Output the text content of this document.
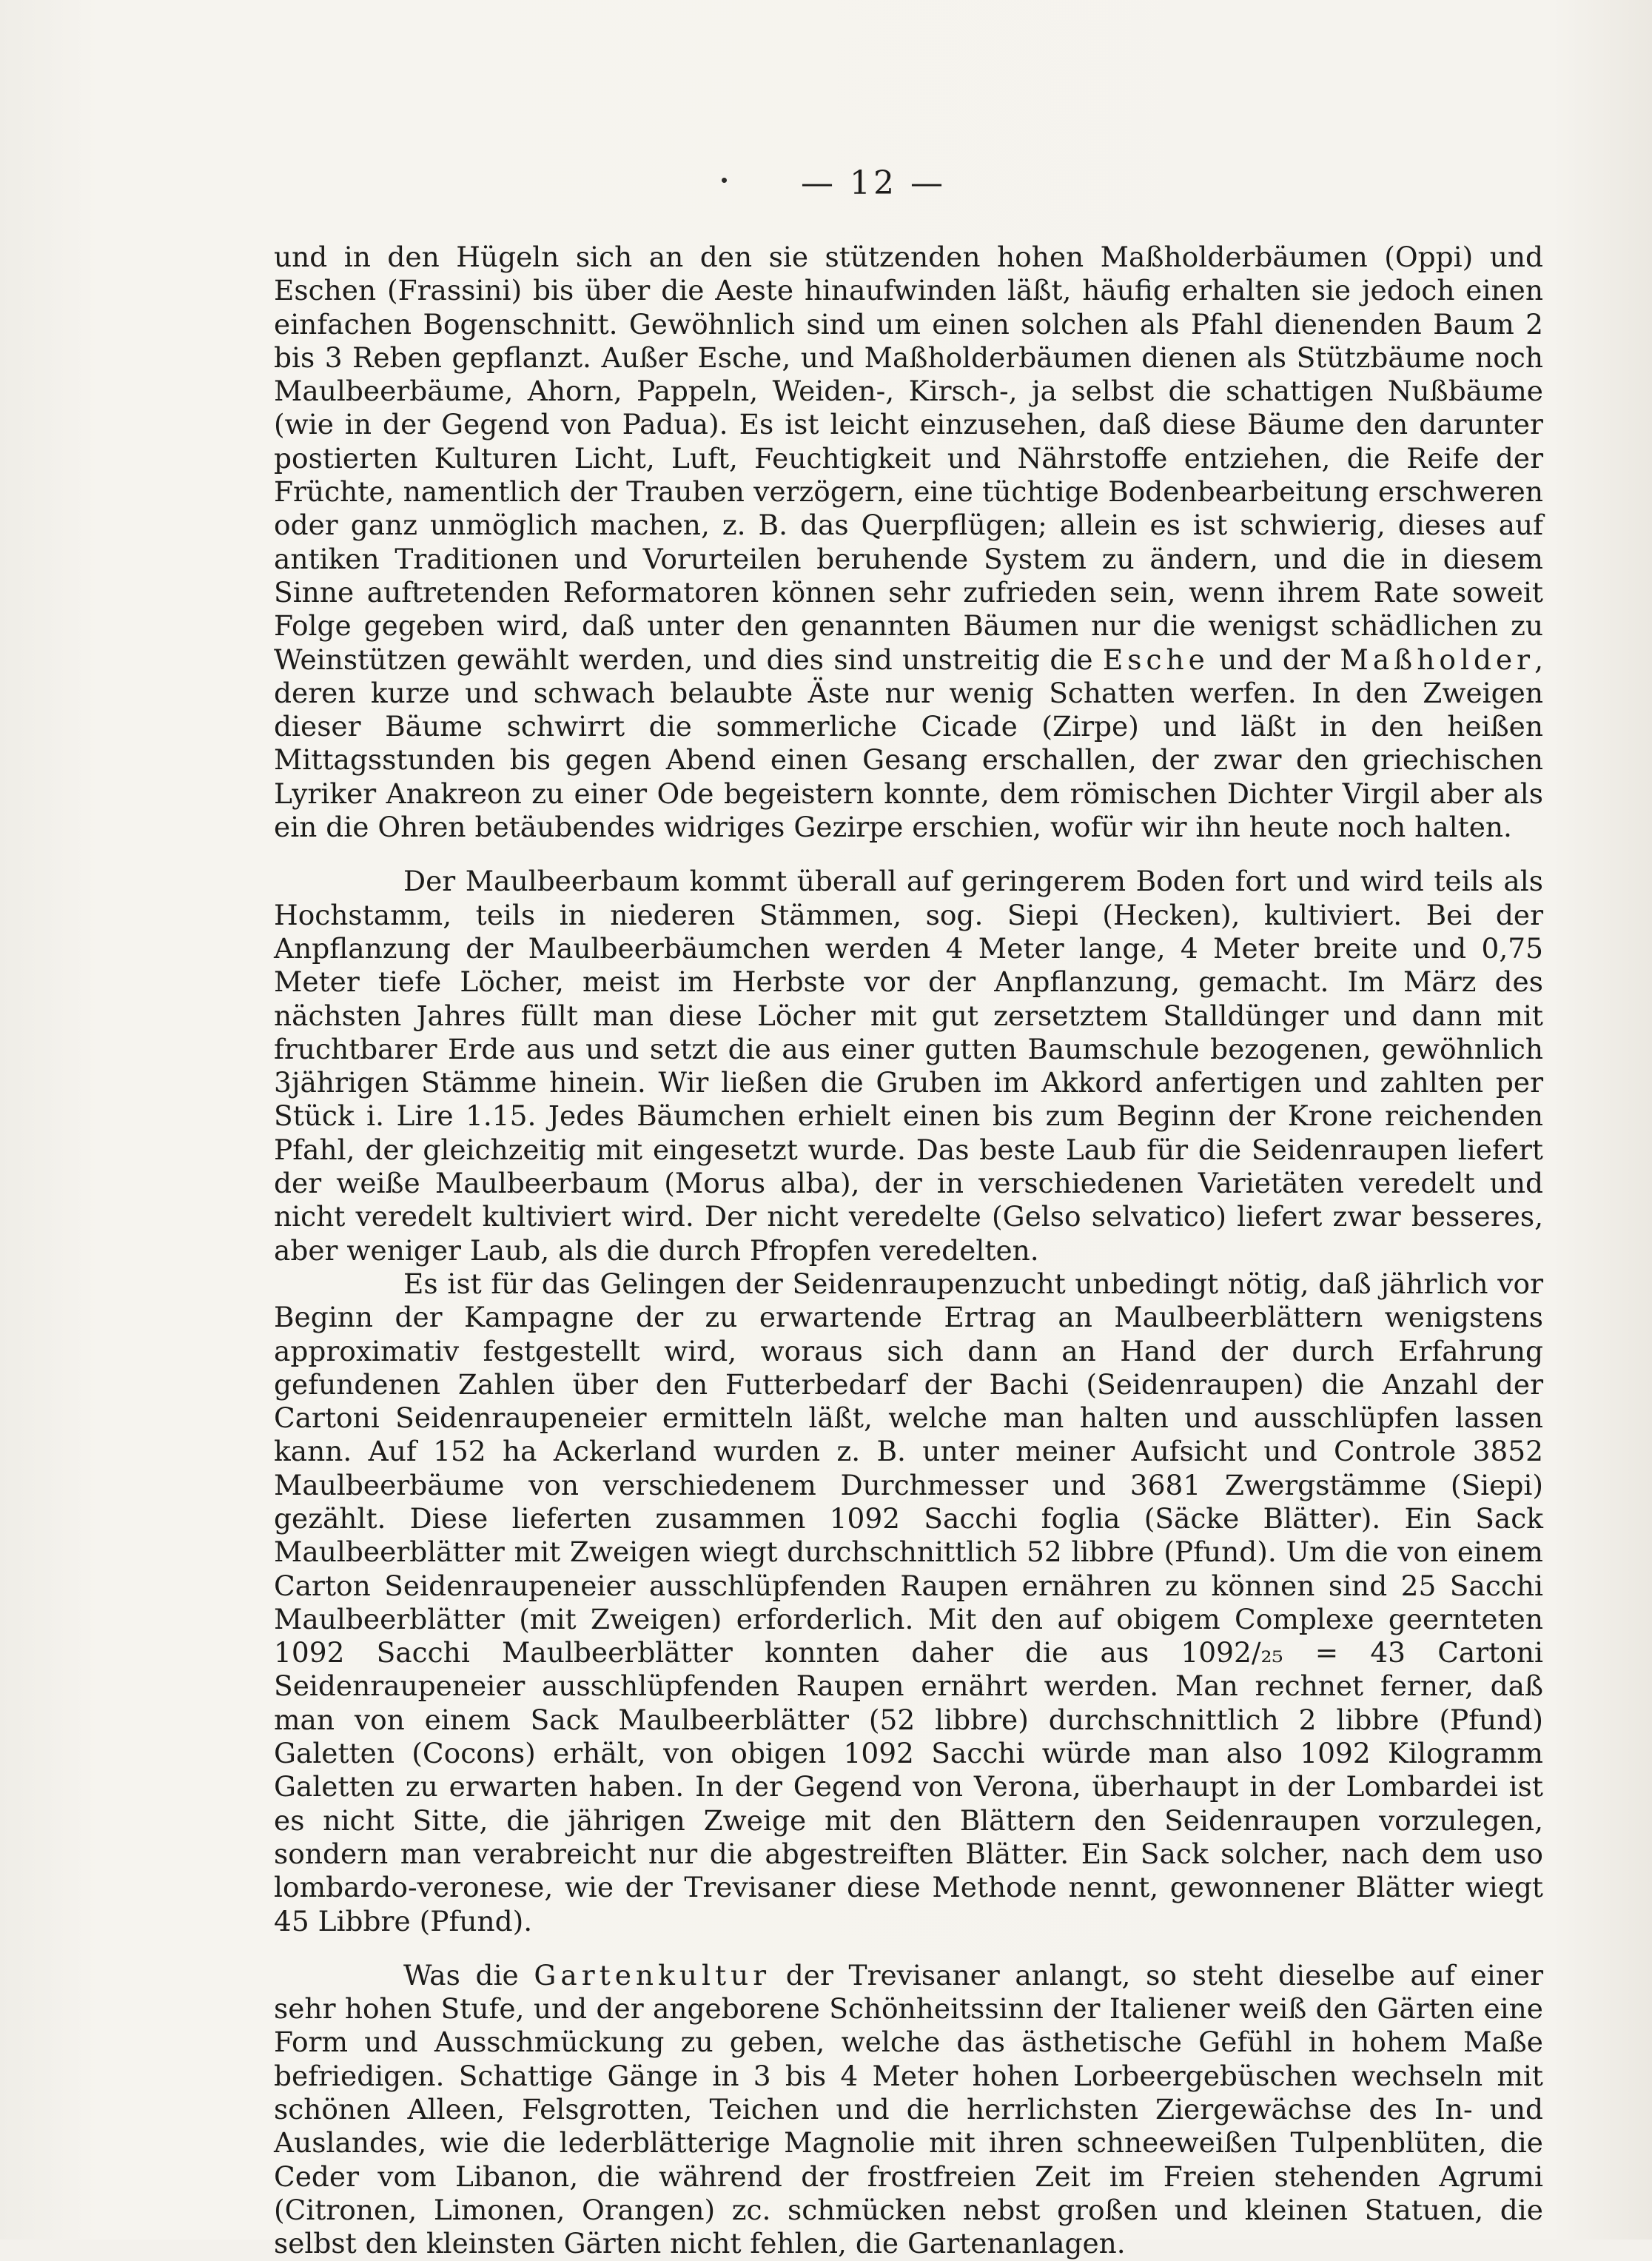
— 12 —

und in den Hügeln sich an den sie stützenden hohen Maßholderbäumen (Oppi) und Eschen (Frassini) bis über die Aeste hinaufwinden läßt, häufig erhalten sie jedoch einen einfachen Bogenschnitt. Gewöhnlich sind um einen solchen als Pfahl dienenden Baum 2 bis 3 Reben gepflanzt. Außer Esche, und Maßholderbäumen dienen als Stützbäume noch Maulbeerbäume, Ahorn, Pappeln, Weiden-, Kirsch-, ja selbst die schattigen Nußbäume (wie in der Gegend von Padua). Es ist leicht einzusehen, daß diese Bäume den darunter postierten Kulturen Licht, Luft, Feuchtigkeit und Nährstoffe entziehen, die Reife der Früchte, namentlich der Trauben verzögern, eine tüchtige Bodenbearbeitung erschweren oder ganz unmöglich machen, z. B. das Querpflügen; allein es ist schwierig, dieses auf antiken Traditionen und Vorurteilen beruhende System zu ändern, und die in diesem Sinne auftretenden Reformatoren können sehr zufrieden sein, wenn ihrem Rate soweit Folge gegeben wird, daß unter den genannten Bäumen nur die wenigst schädlichen zu Weinstützen gewählt werden, und dies sind unstreitig die Esche und der Maßholder, deren kurze und schwach belaubte Äste nur wenig Schatten werfen. In den Zweigen dieser Bäume schwirrt die sommerliche Cicade (Zirpe) und läßt in den heißen Mittagsstunden bis gegen Abend einen Gesang erschallen, der zwar den griechischen Lyriker Anakreon zu einer Ode begeistern konnte, dem römischen Dichter Virgil aber als ein die Ohren betäubendes widriges Gezirpe erschien, wofür wir ihn heute noch halten.

Der Maulbeerbaum kommt überall auf geringerem Boden fort und wird teils als Hochstamm, teils in niederen Stämmen, sog. Siepi (Hecken), kultiviert. Bei der Anpflanzung der Maulbeerbäumchen werden 4 Meter lange, 4 Meter breite und 0,75 Meter tiefe Löcher, meist im Herbste vor der Anpflanzung, gemacht. Im März des nächsten Jahres füllt man diese Löcher mit gut zersetztem Stalldünger und dann mit fruchtbarer Erde aus und setzt die aus einer gutten Baumschule bezogenen, gewöhnlich 3jährigen Stämme hinein. Wir ließen die Gruben im Akkord anfertigen und zahlten per Stück i. Lire 1.15. Jedes Bäumchen erhielt einen bis zum Beginn der Krone reichenden Pfahl, der gleichzeitig mit eingesetzt wurde. Das beste Laub für die Seidenraupen liefert der weiße Maulbeerbaum (Morus alba), der in verschiedenen Varietäten veredelt und nicht veredelt kultiviert wird. Der nicht veredelte (Gelso selvatico) liefert zwar besseres, aber weniger Laub, als die durch Pfropfen veredelten.

Es ist für das Gelingen der Seidenraupenzucht unbedingt nötig, daß jährlich vor Beginn der Kampagne der zu erwartende Ertrag an Maulbeerblättern wenigstens approximativ festgestellt wird, woraus sich dann an Hand der durch Erfahrung gefundenen Zahlen über den Futterbedarf der Bachi (Seidenraupen) die Anzahl der Cartoni Seidenraupeneier ermitteln läßt, welche man halten und ausschlüpfen lassen kann. Auf 152 ha Ackerland wurden z. B. unter meiner Aufsicht und Controle 3852 Maulbeerbäume von verschiedenem Durchmesser und 3681 Zwergstämme (Siepi) gezählt. Diese lieferten zusammen 1092 Sacchi foglia (Säcke Blätter). Ein Sack Maulbeerblätter mit Zweigen wiegt durchschnittlich 52 libbre (Pfund). Um die von einem Carton Seidenraupeneier ausschlüpfenden Raupen ernähren zu können sind 25 Sacchi Maulbeerblätter (mit Zweigen) erforderlich. Mit den auf obigem Complexe geernteten 1092 Sacchi Maulbeerblätter konnten daher die aus 1092/₂₅ = 43 Cartoni Seidenraupeneier ausschlüpfenden Raupen ernährt werden. Man rechnet ferner, daß man von einem Sack Maulbeerblätter (52 libbre) durchschnittlich 2 libbre (Pfund) Galetten (Cocons) erhält, von obigen 1092 Sacchi würde man also 1092 Kilogramm Galetten zu erwarten haben. In der Gegend von Verona, überhaupt in der Lombardei ist es nicht Sitte, die jährigen Zweige mit den Blättern den Seidenraupen vorzulegen, sondern man verabreicht nur die abgestreiften Blätter. Ein Sack solcher, nach dem uso lombardo-veronese, wie der Trevisaner diese Methode nennt, gewonnener Blätter wiegt 45 Libbre (Pfund).

Was die Gartenkultur der Trevisaner anlangt, so steht dieselbe auf einer sehr hohen Stufe, und der angeborene Schönheitssinn der Italiener weiß den Gärten eine Form und Ausschmückung zu geben, welche das ästhetische Gefühl in hohem Maße befriedigen. Schattige Gänge in 3 bis 4 Meter hohen Lorbeergebüschen wechseln mit schönen Alleen, Felsgrotten, Teichen und die herrlichsten Ziergewächse des In- und Auslandes, wie die lederblätterige Magnolie mit ihren schneeweißen Tulpenblüten, die Ceder vom Libanon, die während der frostfreien Zeit im Freien stehenden Agrumi (Citronen, Limonen, Orangen) zc. schmücken nebst großen und kleinen Statuen, die selbst den kleinsten Gärten nicht fehlen, die Gartenanlagen.
